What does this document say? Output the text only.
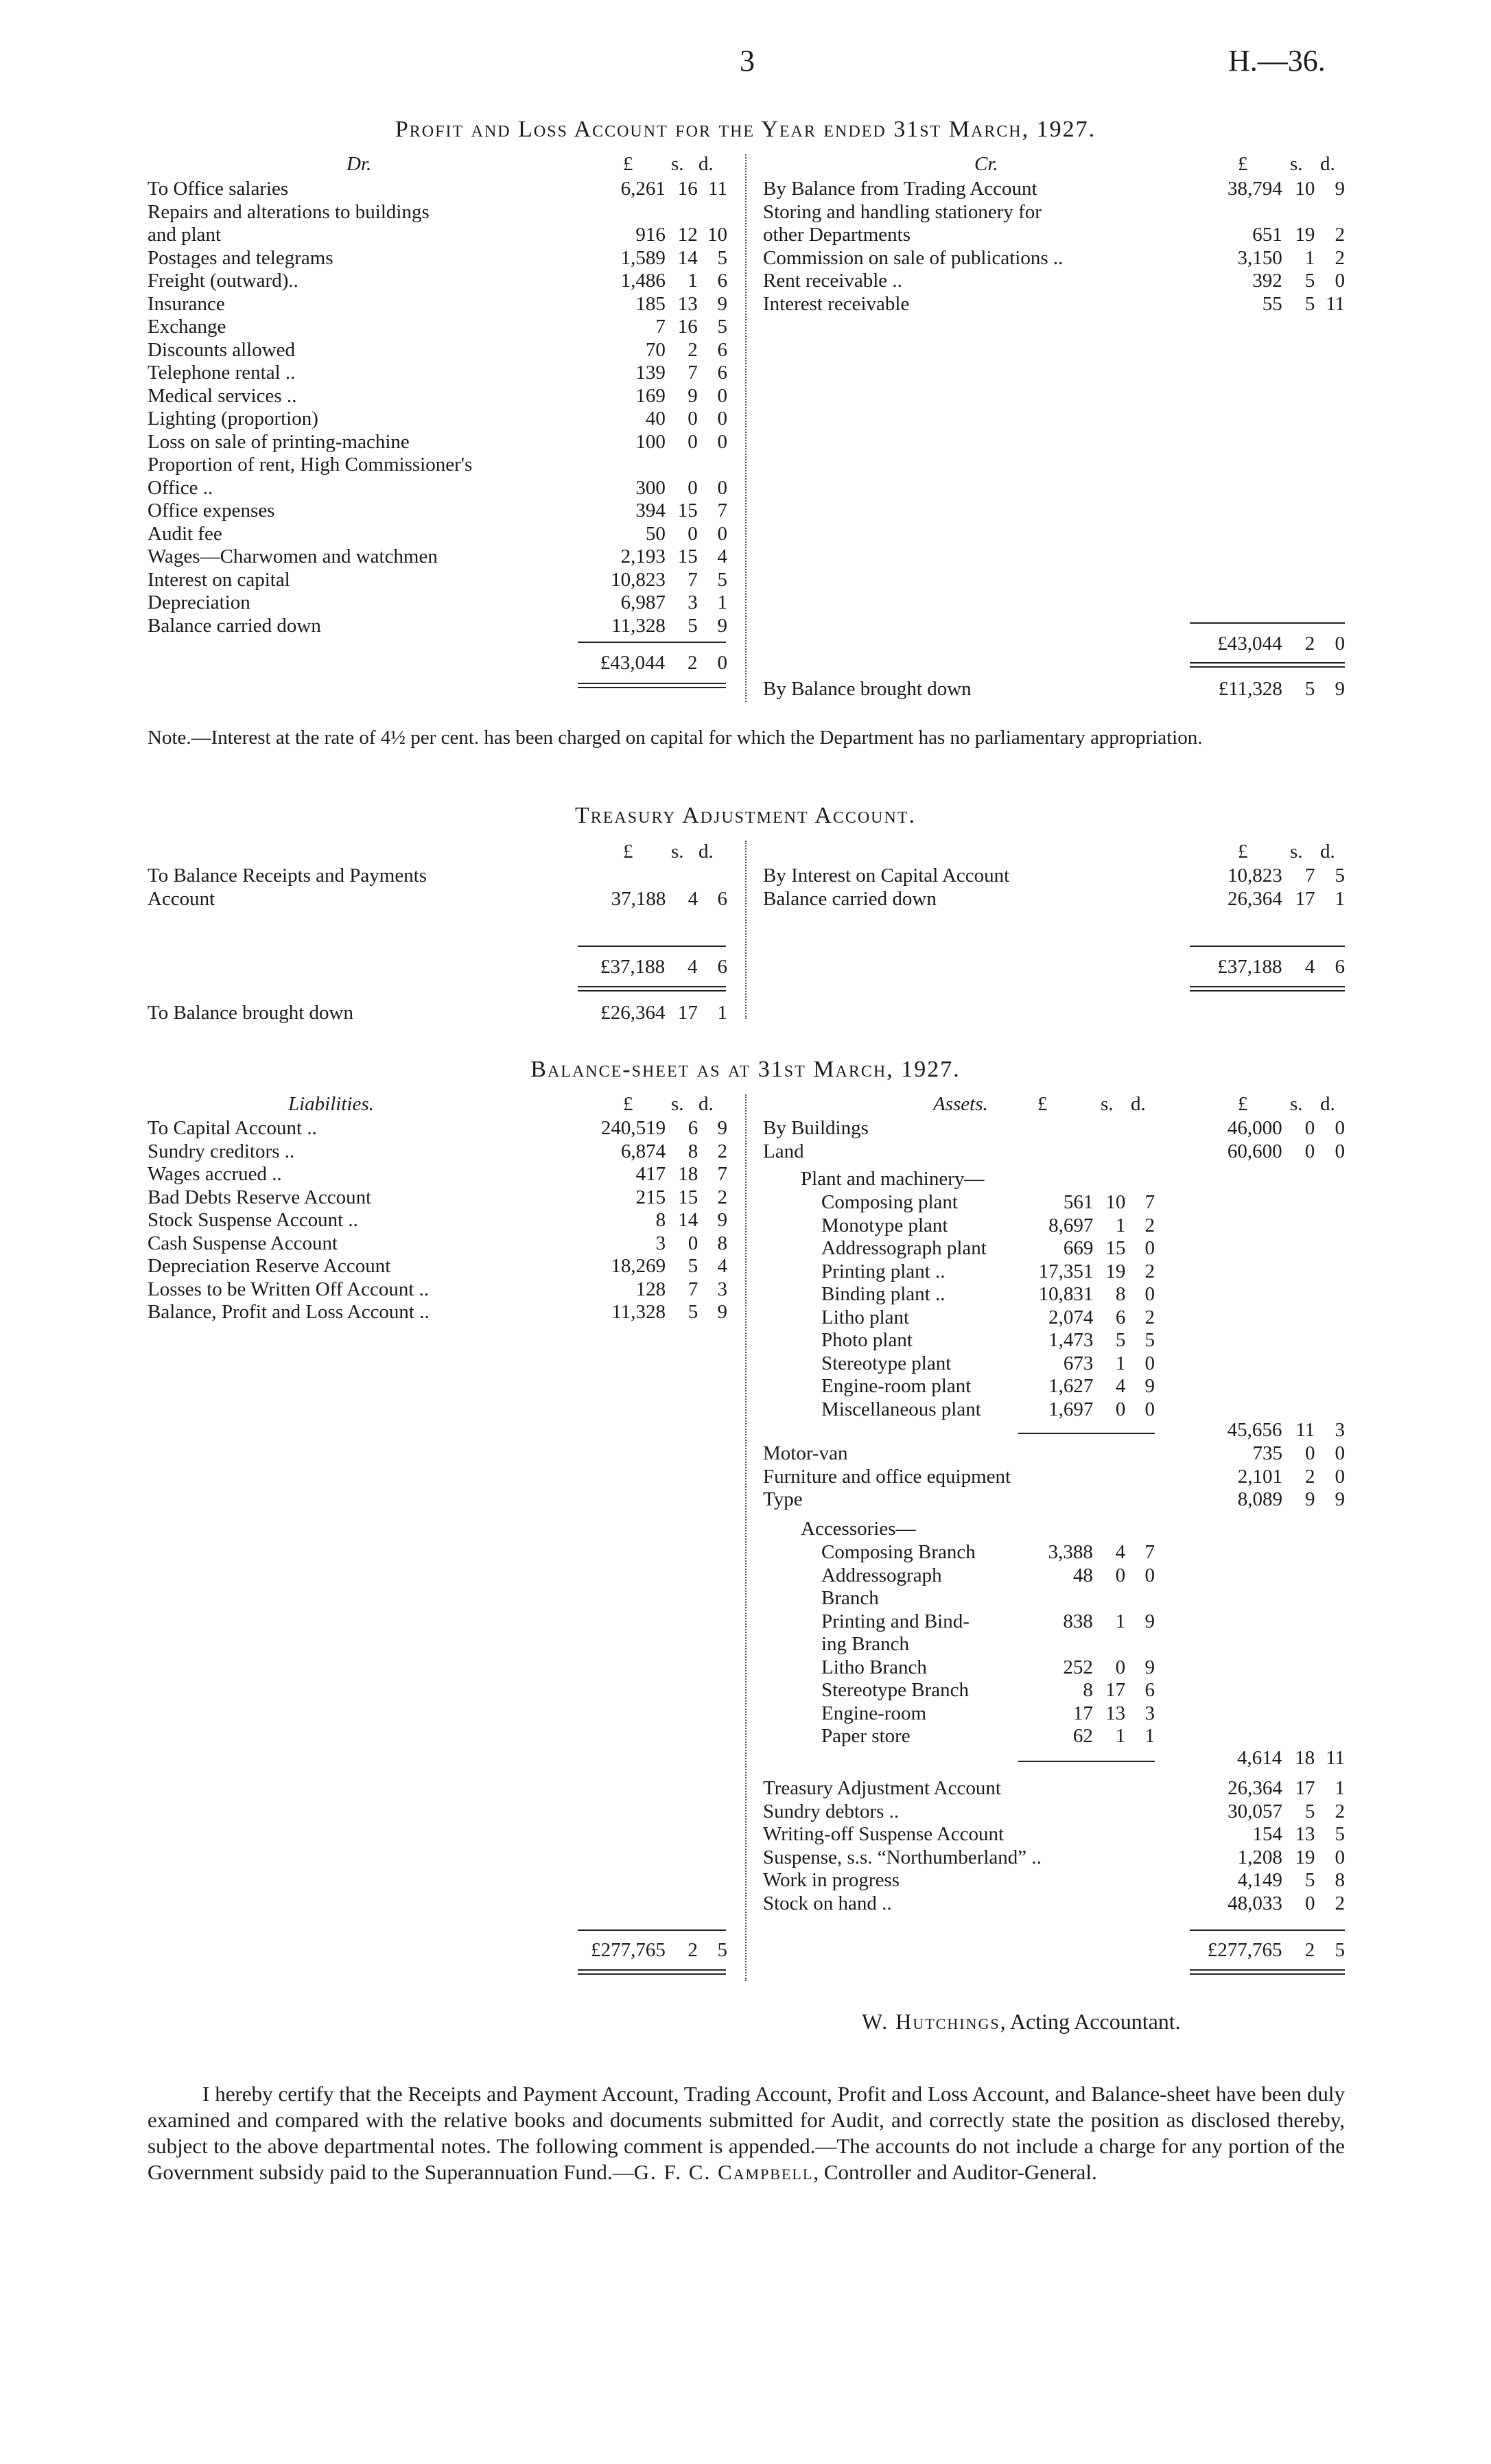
3	H.—36.
Profit and Loss Account for the Year ended 31st March, 1927.
Dr.	Cr.
£ s. d.	£ s. d.
To Office salaries	6,261	16	11
Repairs and alterations to buildings			
and plant	916	12	10
Postages and telegrams	1,589	14	5
Freight (outward)..	1,486	1	6
Insurance	185	13	9
Exchange	7	16	5
Discounts allowed	70	2	6
Telephone rental ..	139	7	6
Medical services ..	169	9	0
Lighting (proportion)	40	0	0
Loss on sale of printing-machine	100	0	0
Proportion of rent, High Commissioner's			
Office ..	300	0	0
Office expenses	394	15	7
Audit fee	50	0	0
Wages—Charwomen and watchmen	2,193	15	4
Interest on capital	10,823	7	5
Depreciation	6,987	3	1
Balance carried down	11,328	5	9
	£43,044	2	0
By Balance from Trading Account	38,794	10	9
Storing and handling stationery for			
other Departments	651	19	2
Commission on sale of publications ..	3,150	1	2
Rent receivable ..	392	5	0
Interest receivable	55	5	11
	£43,044	2	0
By Balance brought down	£11,328	5	9
Note.—Interest at the rate of 4½ per cent. has been charged on capital for which the Department has no parliamentary appropriation.
Treasury Adjustment Account.
£ s. d.	£ s. d.
To Balance Receipts and Payments			
Account	37,188	4	6
	£37,188	4	6
To Balance brought down	£26,364	17	1
By Interest on Capital Account	10,823	7	5
Balance carried down	26,364	17	1
	£37,188	4	6
Balance-sheet as at 31st March, 1927.
Liabilities.	Assets.
£ s. d.	£	s. d.	£ s. d.
To Capital Account ..	240,519	6	9
Sundry creditors ..	6,874	8	2
Wages accrued ..	417	18	7
Bad Debts Reserve Account	215	15	2
Stock Suspense Account ..	8	14	9
Cash Suspense Account	3	0	8
Depreciation Reserve Account	18,269	5	4
Losses to be Written Off Account ..	128	7	3
Balance, Profit and Loss Account ..	11,328	5	9
	£277,765	2	5
By Buildings	46,000	0	0
Land	60,600	0	0
Plant and machinery—
Composing plant	561	10	7
Monotype plant	8,697	1	2
Addressograph plant	669	15	0
Printing plant ..	17,351	19	2
Binding plant ..	10,831	8	0
Litho plant	2,074	6	2
Photo plant	1,473	5	5
Stereotype plant	673	1	0
Engine-room plant	1,627	4	9
Miscellaneous plant	1,697	0	0
	45,656	11	3
Motor-van	735	0	0
Furniture and office equipment	2,101	2	0
Type	8,089	9	9
Accessories—
Composing Branch	3,388	4	7
Addressograph	48	0	0
Branch			
Printing and Bind-	838	1	9
ing Branch			
Litho Branch	252	0	9
Stereotype Branch	8	17	6
Engine-room	17	13	3
Paper store	62	1	1
	4,614	18	11
Treasury Adjustment Account	26,364	17	1
Sundry debtors ..	30,057	5	2
Writing-off Suspense Account	154	13	5
Suspense, s.s. “Northumberland” ..	1,208	19	0
Work in progress	4,149	5	8
Stock on hand ..	48,033	0	2
	£277,765	2	5
W. Hutchings, Acting Accountant.
I hereby certify that the Receipts and Payment Account, Trading Account, Profit and Loss Account, and Balance-sheet have been duly examined and compared with the relative books and documents submitted for Audit, and correctly state the position as disclosed thereby, subject to the above departmental notes. The following comment is appended.—The accounts do not include a charge for any portion of the Government subsidy paid to the Superannuation Fund.—G. F. C. Campbell, Controller and Auditor-General.
